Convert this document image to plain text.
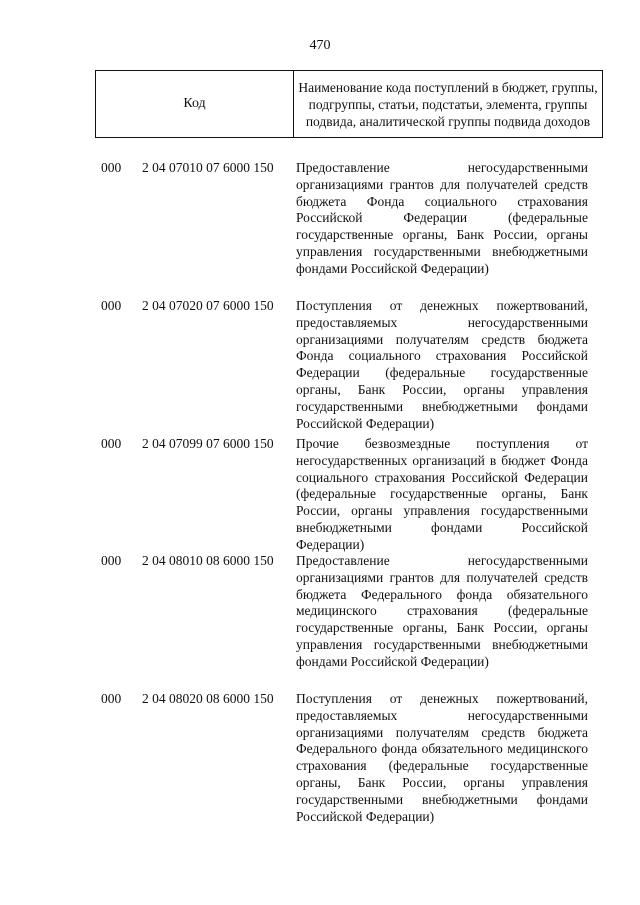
470
Код
Наименование кода поступлений в бюджет, группы, подгруппы, статьи, подстатьи, элемента, группы подвида, аналитической группы подвида доходов
000 2 04 07010 07 6000 150 Предоставление негосударственными организациями грантов для получателей средств бюджета Фонда социального страхования Российской Федерации (федеральные государственные органы, Банк России, органы управления государственными внебюджетными фондами Российской Федерации)
000 2 04 07020 07 6000 150 Поступления от денежных пожертвований, предоставляемых негосударственными организациями получателям средств бюджета Фонда социального страхования Российской Федерации (федеральные государственные органы, Банк России, органы управления государственными внебюджетными фондами Российской Федерации)
000 2 04 07099 07 6000 150 Прочие безвозмездные поступления от негосударственных организаций в бюджет Фонда социального страхования Российской Федерации (федеральные государственные органы, Банк России, органы управления государственными внебюджетными фондами Российской Федерации)
000 2 04 08010 08 6000 150 Предоставление негосударственными организациями грантов для получателей средств бюджета Федерального фонда обязательного медицинского страхования (федеральные государственные органы, Банк России, органы управления государственными внебюджетными фондами Российской Федерации)
000 2 04 08020 08 6000 150 Поступления от денежных пожертвований, предоставляемых негосударственными организациями получателям средств бюджета Федерального фонда обязательного медицинского страхования (федеральные государственные органы, Банк России, органы управления государственными внебюджетными фондами Российской Федерации)
